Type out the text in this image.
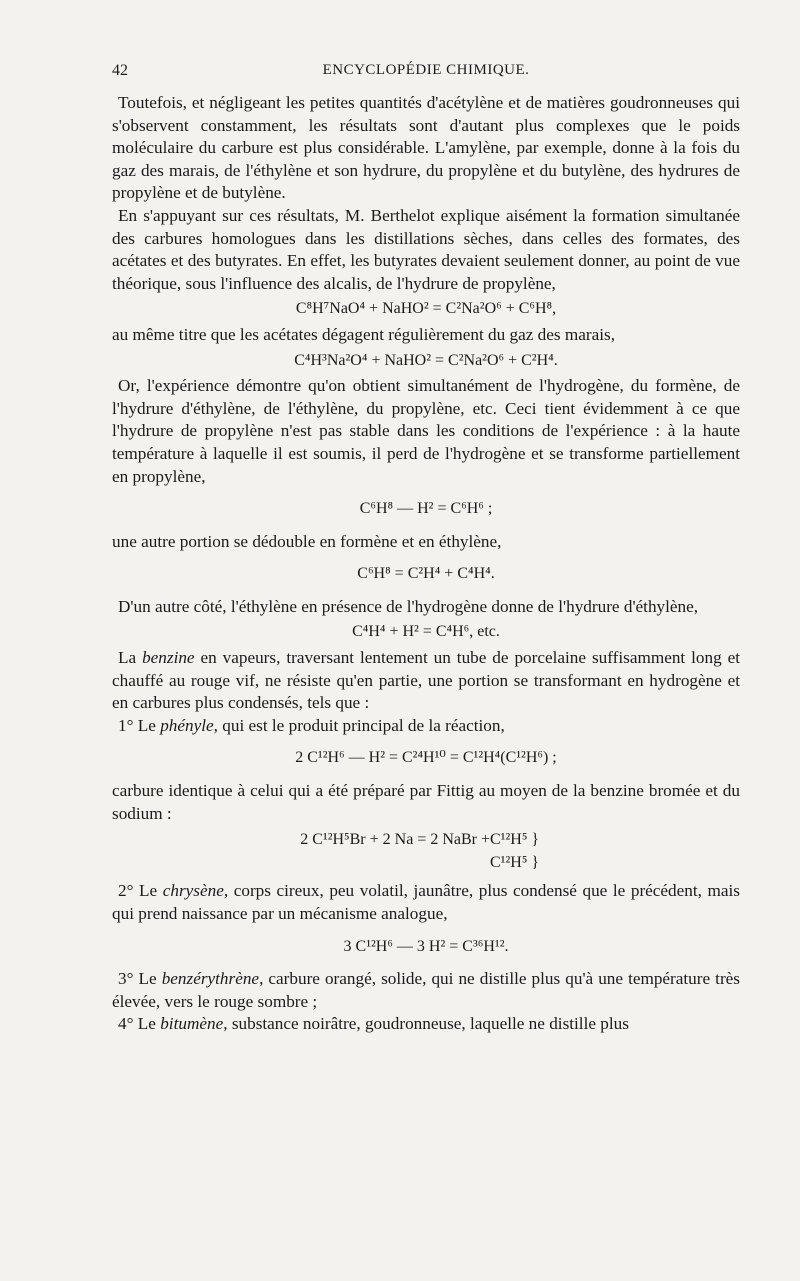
42	ENCYCLOPÉDIE CHIMIQUE.

Toutefois, et négligeant les petites quantités d'acétylène et de matières goudronneuses qui s'observent constamment, les résultats sont d'autant plus complexes que le poids moléculaire du carbure est plus considérable. L'amylène, par exemple, donne à la fois du gaz des marais, de l'éthylène et son hydrure, du propylène et du butylène, des hydrures de propylène et de butylène.

En s'appuyant sur ces résultats, M. Berthelot explique aisément la formation simultanée des carbures homologues dans les distillations sèches, dans celles des formates, des acétates et des butyrates. En effet, les butyrates devaient seulement donner, au point de vue théorique, sous l'influence des alcalis, de l'hydrure de propylène,

C⁸H⁷NaO⁴ + NaHO² = C²Na²O⁶ + C⁶H⁸,

au même titre que les acétates dégagent régulièrement du gaz des marais,

C⁴H³Na²O⁴ + NaHO² = C²Na²O⁶ + C²H⁴.

Or, l'expérience démontre qu'on obtient simultanément de l'hydrogène, du formène, de l'hydrure d'éthylène, de l'éthylène, du propylène, etc. Ceci tient évidemment à ce que l'hydrure de propylène n'est pas stable dans les conditions de l'expérience : à la haute température à laquelle il est soumis, il perd de l'hydrogène et se transforme partiellement en propylène,

C⁶H⁸ — H² = C⁶H⁶ ;

une autre portion se dédouble en formène et en éthylène,

C⁶H⁸ = C²H⁴ + C⁴H⁴.

D'un autre côté, l'éthylène en présence de l'hydrogène donne de l'hydrure d'éthylène,

C⁴H⁴ + H² = C⁴H⁶, etc.

La benzine en vapeurs, traversant lentement un tube de porcelaine suffisamment long et chauffé au rouge vif, ne résiste qu'en partie, une portion se transformant en hydrogène et en carbures plus condensés, tels que :

1° Le phényle, qui est le produit principal de la réaction,

2 C¹²H⁶ — H² = C²⁴H¹⁰ = C¹²H⁴(C¹²H⁶) ;

carbure identique à celui qui a été préparé par Fittig au moyen de la benzine bromée et du sodium :

2 C¹²H⁵Br + 2 Na = 2 NaBr + C¹²H⁵ }
C¹²H⁵ }

2° Le chrysène, corps cireux, peu volatil, jaunâtre, plus condensé que le précédent, mais qui prend naissance par un mécanisme analogue,

3 C¹²H⁶ — 3 H² = C³⁶H¹².

3° Le benzérythrène, carbure orangé, solide, qui ne distille plus qu'à une température très élevée, vers le rouge sombre ;

4° Le bitumène, substance noirâtre, goudronneuse, laquelle ne distille plus
